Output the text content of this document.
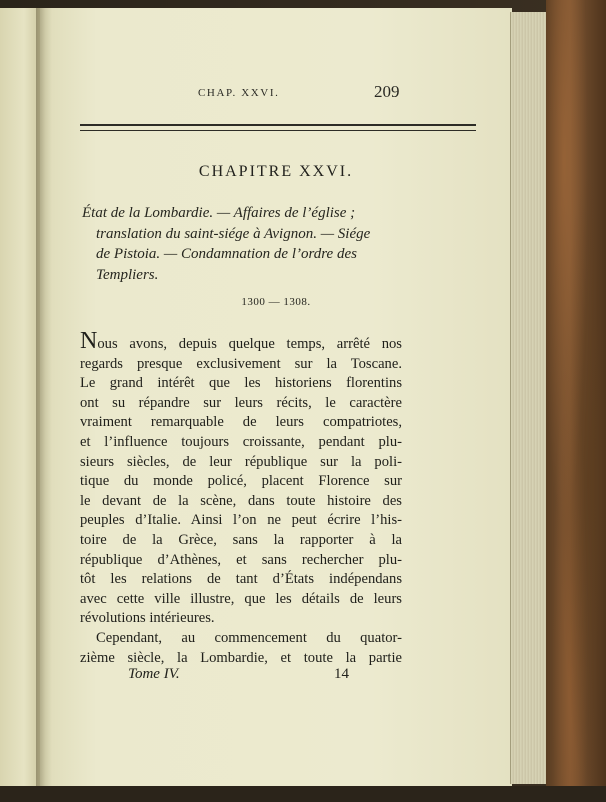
CHAP. XXVI.	209
CHAPITRE XXVI.
État de la Lombardie. — Affaires de l’église ;
translation du saint-siége à Avignon. — Siége
de Pistoia. — Condamnation de l’ordre des
Templiers.
1300 — 1308.
Nous avons, depuis quelque temps, arrêté nos
regards presque exclusivement sur la Toscane.
Le grand intérêt que les historiens florentins
ont su répandre sur leurs récits, le caractère
vraiment remarquable de leurs compatriotes,
et l’influence toujours croissante, pendant plu-
sieurs siècles, de leur république sur la poli-
tique du monde policé, placent Florence sur
le devant de la scène, dans toute histoire des
peuples d’Italie. Ainsi l’on ne peut écrire l’his-
toire de la Grèce, sans la rapporter à la
république d’Athènes, et sans rechercher plu-
tôt les relations de tant d’États indépendans
avec cette ville illustre, que les détails de leurs
révolutions intérieures.
Cependant, au commencement du quator-
zième siècle, la Lombardie, et toute la partie
Tome IV.	14
